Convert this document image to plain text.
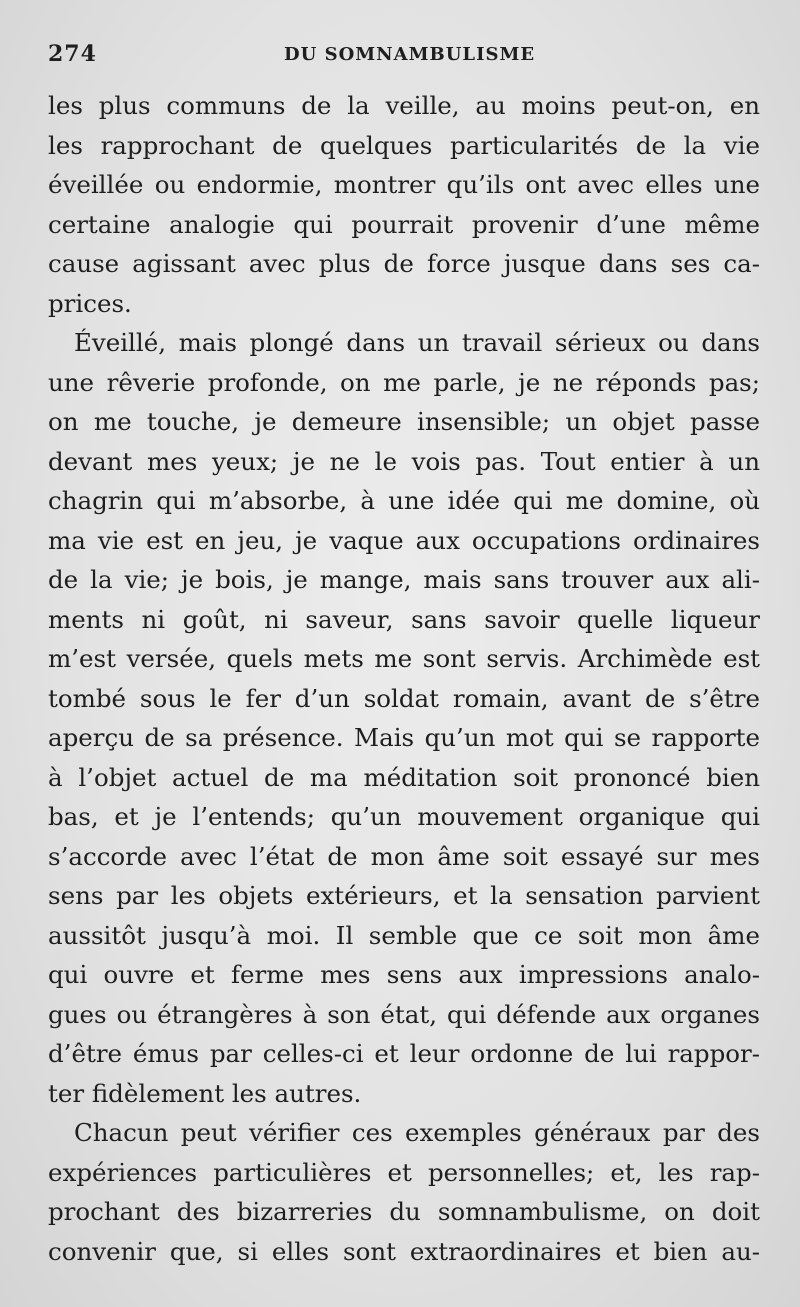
274	DU SOMNAMBULISME
les plus communs de la veille, au moins peut-on, en
les rapprochant de quelques particularités de la vie
éveillée ou endormie, montrer qu’ils ont avec elles une
certaine analogie qui pourrait provenir d’une même
cause agissant avec plus de force jusque dans ses ca-
prices.
Éveillé, mais plongé dans un travail sérieux ou dans
une rêverie profonde, on me parle, je ne réponds pas;
on me touche, je demeure insensible; un objet passe
devant mes yeux; je ne le vois pas. Tout entier à un
chagrin qui m’absorbe, à une idée qui me domine, où
ma vie est en jeu, je vaque aux occupations ordinaires
de la vie; je bois, je mange, mais sans trouver aux ali-
ments ni goût, ni saveur, sans savoir quelle liqueur
m’est versée, quels mets me sont servis. Archimède est
tombé sous le fer d’un soldat romain, avant de s’être
aperçu de sa présence. Mais qu’un mot qui se rapporte
à l’objet actuel de ma méditation soit prononcé bien
bas, et je l’entends; qu’un mouvement organique qui
s’accorde avec l’état de mon âme soit essayé sur mes
sens par les objets extérieurs, et la sensation parvient
aussitôt jusqu’à moi. Il semble que ce soit mon âme
qui ouvre et ferme mes sens aux impressions analo-
gues ou étrangères à son état, qui défende aux organes
d’être émus par celles-ci et leur ordonne de lui rappor-
ter fidèlement les autres.
Chacun peut vérifier ces exemples généraux par des
expériences particulières et personnelles; et, les rap-
prochant des bizarreries du somnambulisme, on doit
convenir que, si elles sont extraordinaires et bien au-
